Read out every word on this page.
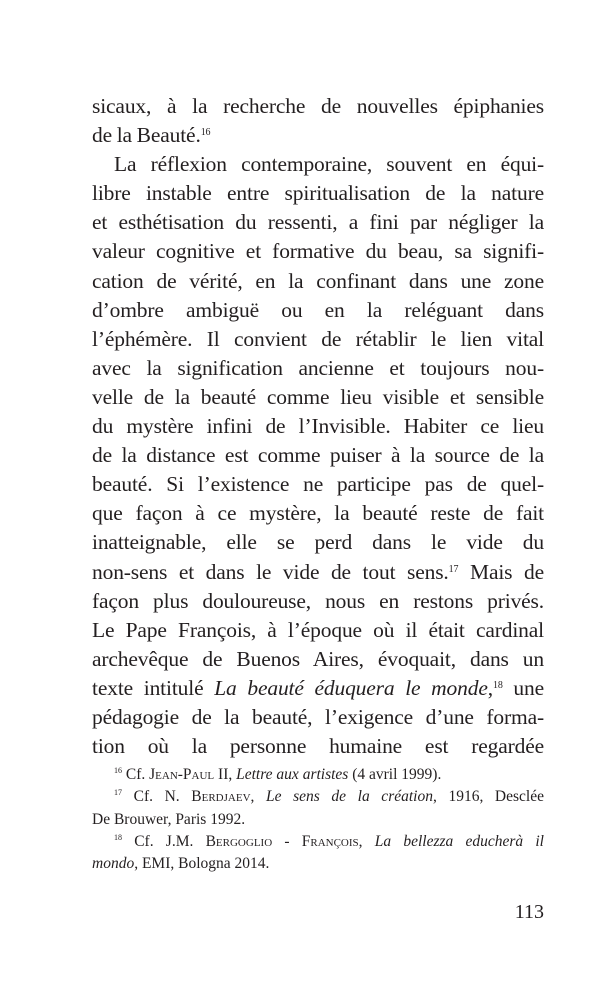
sicaux, à la recherche de nouvelles épiphanies
de la Beauté.$^{16}$
La réflexion contemporaine, souvent en équi-
libre instable entre spiritualisation de la nature
et esthétisation du ressenti, a fini par négliger la
valeur cognitive et formative du beau, sa signifi-
cation de vérité, en la confinant dans une zone
d’ombre ambiguë ou en la reléguant dans
l’éphémère. Il convient de rétablir le lien vital
avec la signification ancienne et toujours nou-
velle de la beauté comme lieu visible et sensible
du mystère infini de l’Invisible. Habiter ce lieu
de la distance est comme puiser à la source de la
beauté. Si l’existence ne participe pas de quel-
que façon à ce mystère, la beauté reste de fait
inatteignable, elle se perd dans le vide du
non-sens et dans le vide de tout sens.$^{17}$ Mais de
façon plus douloureuse, nous en restons privés.
Le Pape François, à l’époque où il était cardinal
archevêque de Buenos Aires, évoquait, dans un
texte intitulé La beauté éduquera le monde,$^{18}$ une
pédagogie de la beauté, l’exigence d’une forma-
tion où la personne humaine est regardée
$^{16}$ Cf. Jean-Paul II, Lettre aux artistes (4 avril 1999).
$^{17}$ Cf. N. Berdjaev, Le sens de la création, 1916, Desclée
De Brouwer, Paris 1992.
$^{18}$ Cf. J.M. Bergoglio - François, La bellezza educherà il
mondo, EMI, Bologna 2014.
113
